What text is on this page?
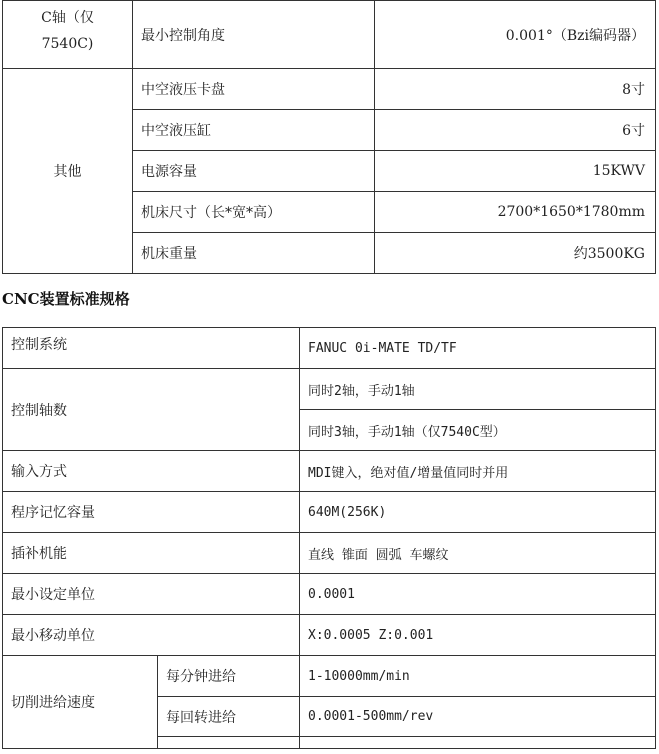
C轴（仅
7540C)	最小控制角度	0.001°（Bzi编码器）
其他	中空液压卡盘	8寸
	中空液压缸	6寸
	电源容量	15KWV
	机床尺寸（长*宽*高）	2700*1650*1780mm
	机床重量	约3500KG
CNC装置标准规格
控制系统		FANUC 0i-MATE TD/TF
控制轴数		同时2轴，手动1轴
		同时3轴，手动1轴（仅7540C型）
输入方式		MDI键入，绝对值/增量值同时并用
程序记忆容量		640M(256K)
插补机能		直线 锥面 圆弧 车螺纹
最小设定单位		0.0001
最小移动单位		X:0.0005 Z:0.001
切削进给速度	每分钟进给	1-10000mm/min
	每回转进给	0.0001-500mm/rev
